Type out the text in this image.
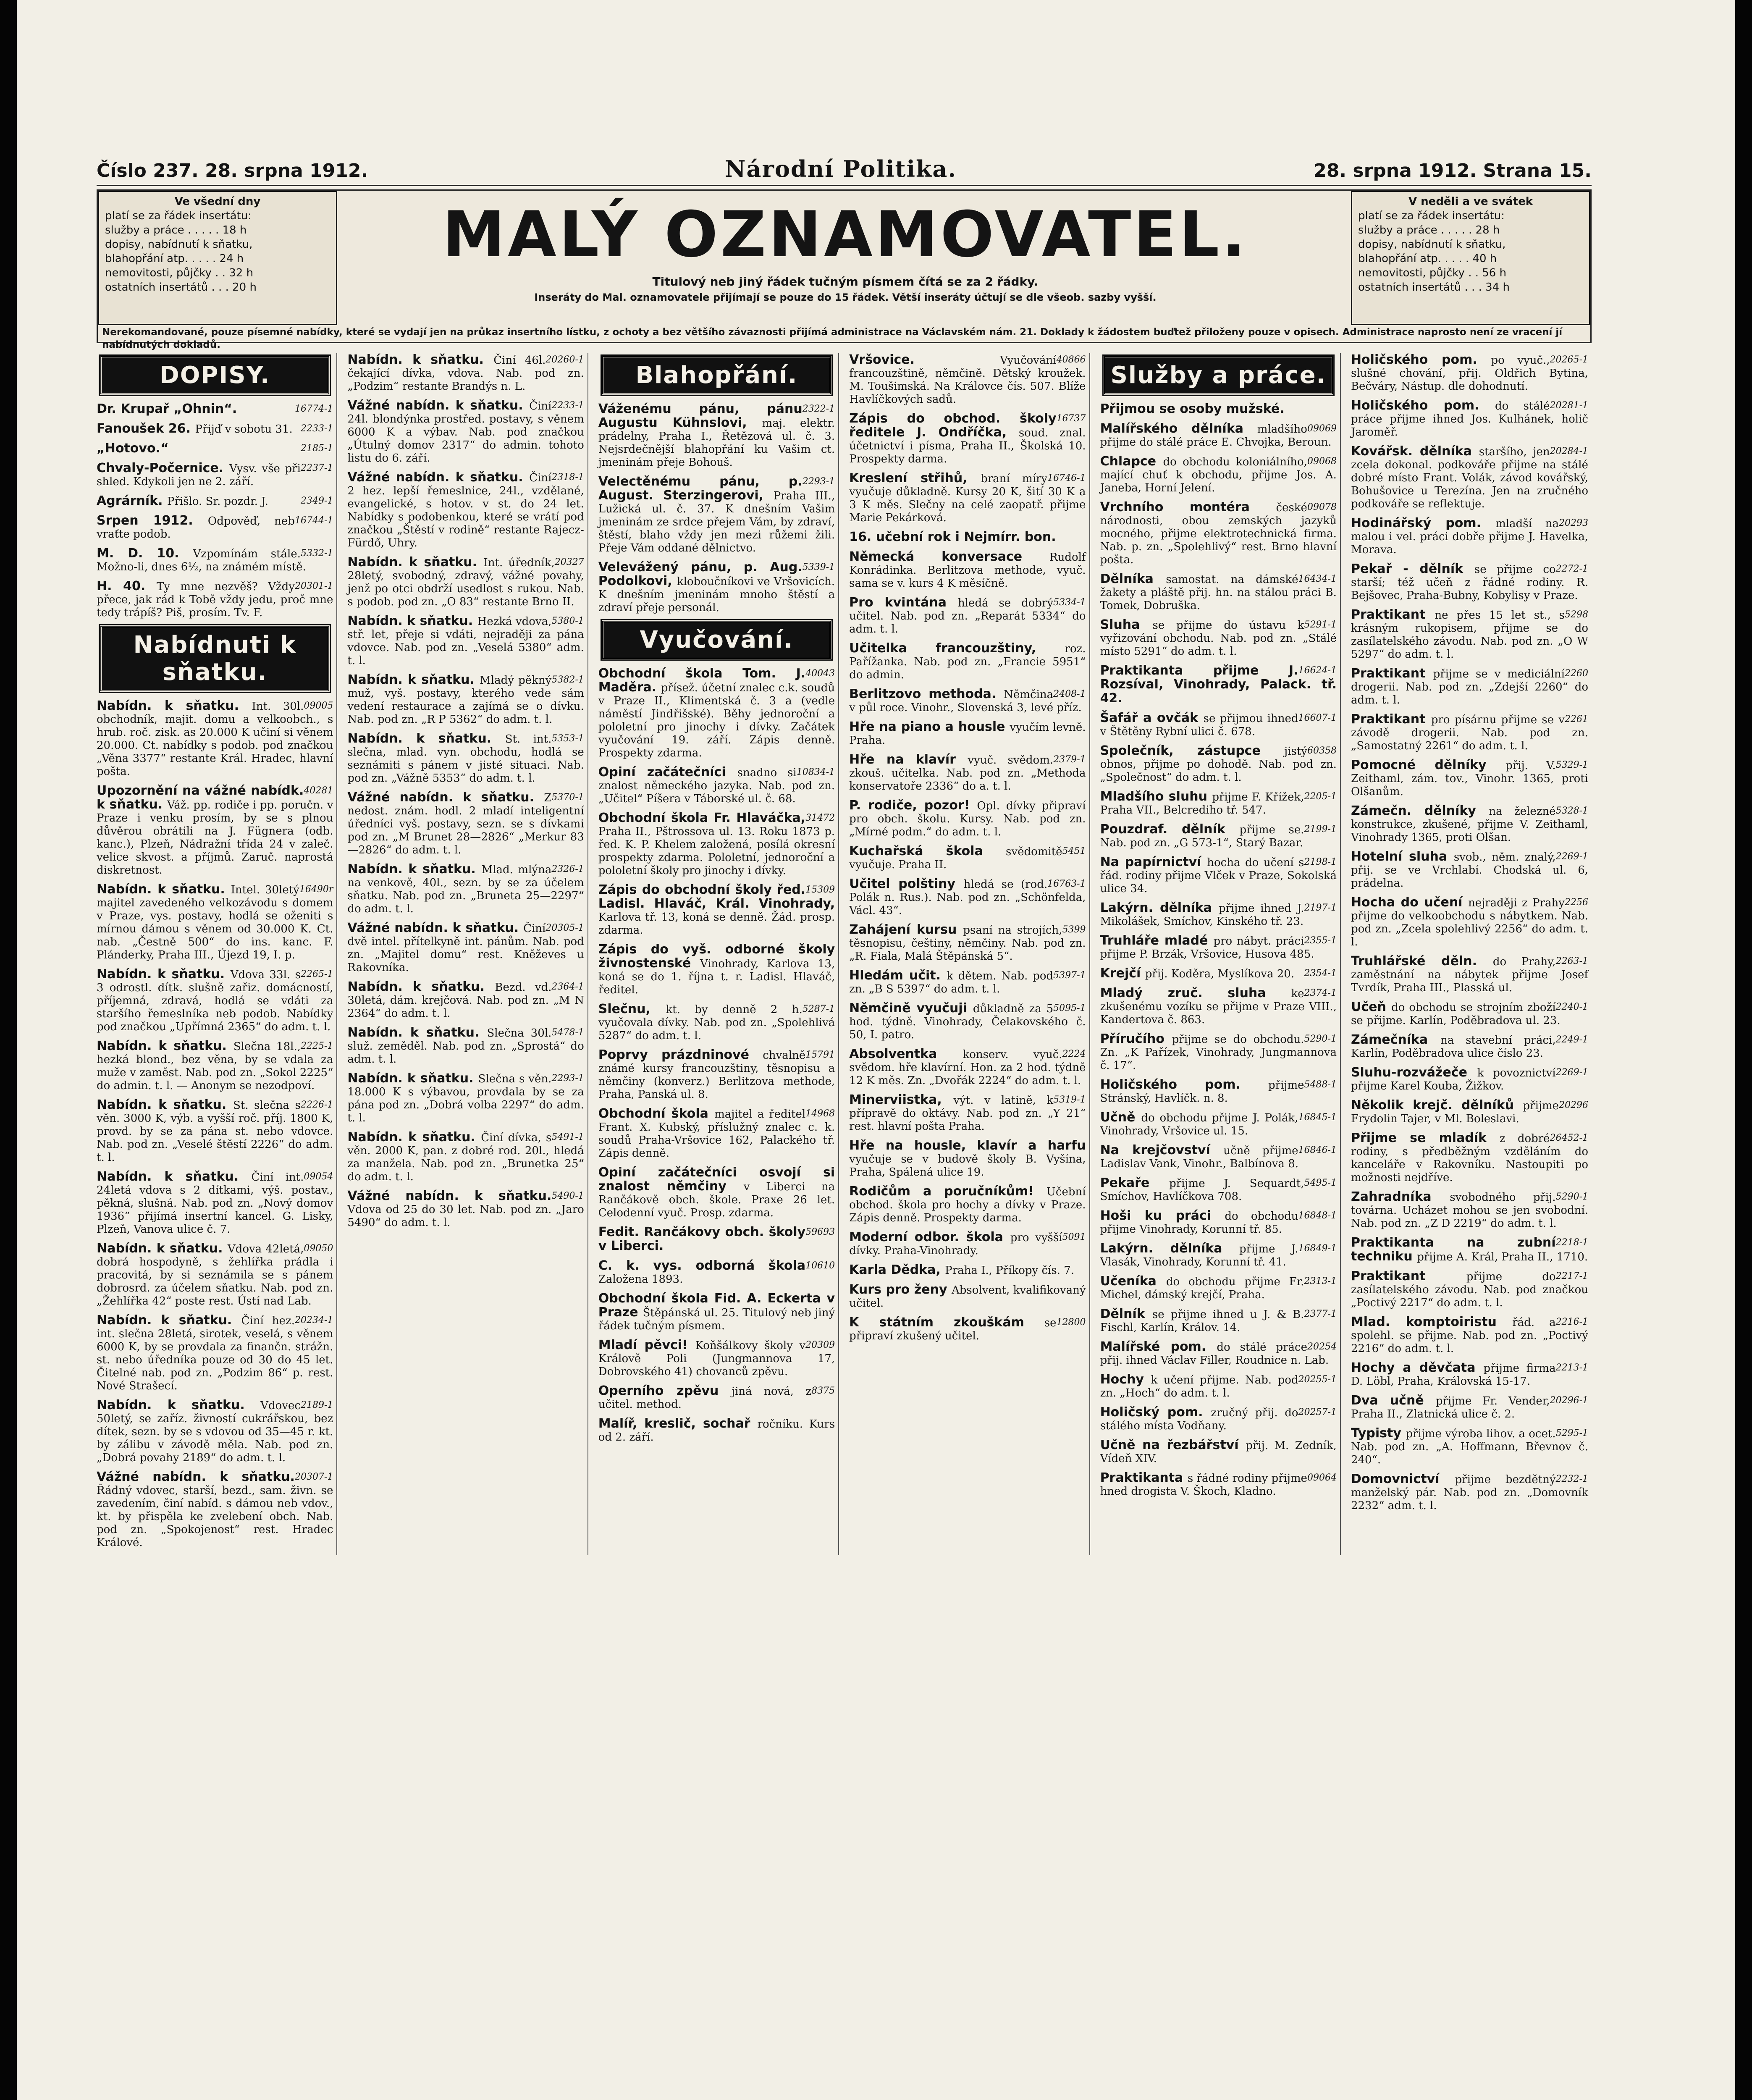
Číslo 237. 28. srpna 1912.	Národní Politika.	28. srpna 1912. Strana 15.
Ve všední dny
platí se za řádek insertátu:
služby a práce . . . . . 18 h
dopisy, nabídnutí k sňatku,
blahopřání atp. . . . . 24 h
nemovitosti, půjčky . . 32 h
ostatních insertátů . . . 20 h
MALÝ OZNAMOVATEL.
Titulový neb jiný řádek tučným písmem čítá se za 2 řádky.
Inseráty do Mal. oznamovatele přijímají se pouze do 15 řádek. Větší inseráty účtují se dle všeob. sazby vyšší.
V neděli a ve svátek
platí se za řádek insertátu:
služby a práce . . . . . 28 h
dopisy, nabídnutí k sňatku,
blahopřání atp. . . . . 40 h
nemovitosti, půjčky . . 56 h
ostatních insertátů . . . 34 h
Nerekomandované, pouze písemné nabídky, které se vydají jen na průkaz insertního lístku, z ochoty a bez většího závaznosti přijímá administrace na Václavském nám. 21. Doklady k žádostem buďtež přiloženy pouze v opisech. Administrace naprosto není ze vracení jí nabídnutých dokladů.
DOPISY.
16774-1
Dr. Krupař „Ohnin“.
2233-1
Fanoušek 26. Přijď v sobotu 31.
2185-1
„Hotovo.“
2237-1
Chvaly-Počernice. Vysv. vše při shled. Kdykoli jen ne 2. září.
2349-1
Agrárník. Přišlo. Sr. pozdr. J.
16744-1
Srpen 1912. Odpověď, neb vraťte podob.
5332-1
M. D. 10. Vzpomínám stále. Možno-li, dnes 6½, na známém místě.
20301-1
H. 40. Ty mne nezvěš? Vždy přece, jak rád k Tobě vždy jedu, proč mne tedy trápíš? Piš, prosím. Tv. F.
Nabídnuti k sňatku.
09005
Nabídn. k sňatku. Int. 30l. obchodník, majit. domu a velkoobch., s hrub. roč. zisk. as 20.000 K učiní si věnem 20.000. Ct. nabídky s podob. pod značkou „Věna 3377“ restante Král. Hradec, hlavní pošta.
40281
Upozornění na vážné nabídk. k sňatku. Váž. pp. rodiče i pp. poručn. v Praze i venku prosím, by se s plnou důvěrou obrátili na J. Fügnera (odb. kanc.), Plzeň, Nádražní třída 24 v zaleč. velice skvost. a příjmů. Zaruč. naprostá diskretnost.
16490r
Nabídn. k sňatku. Intel. 30letý majitel zavedeného velkozávodu s domem v Praze, vys. postavy, hodlá se oženiti s mírnou dámou s věnem od 30.000 K. Ct. nab. „Čestně 500“ do ins. kanc. F. Plánderky, Praha III., Újezd 19, I. p.
2265-1
Nabídn. k sňatku. Vdova 33l. s 3 odrostl. dítk. slušně zařiz. domácností, příjemná, zdravá, hodlá se vdáti za staršího řemeslníka neb podob. Nabídky pod značkou „Upřímná 2365“ do adm. t. l.
2225-1
Nabídn. k sňatku. Slečna 18l., hezká blond., bez věna, by se vdala za muže v zaměst. Nab. pod zn. „Sokol 2225“ do admin. t. l. — Anonym se nezodpoví.
2226-1
Nabídn. k sňatku. St. slečna s věn. 3000 K, výb. a vyšší roč. příj. 1800 K, provd. by se za pána st. nebo vdovce. Nab. pod zn. „Veselé štěstí 2226“ do adm. t. l.
09054
Nabídn. k sňatku. Činí int. 24letá vdova s 2 dítkami, výš. postav., pěkná, slušná. Nab. pod zn. „Nový domov 1936“ přijímá insertní kancel. G. Lisky, Plzeň, Vanova ulice č. 7.
09050
Nabídn. k sňatku. Vdova 42letá, dobrá hospodyně, s žehlířka prádla i pracovitá, by si seznámila se s pánem dobrosrd. za účelem sňatku. Nab. pod zn. „Žehlířka 42“ poste rest. Ústí nad Lab.
20234-1
Nabídn. k sňatku. Činí hez. int. slečna 28letá, sirotek, veselá, s věnem 6000 K, by se provdala za finančn. strážn. st. nebo úředníka pouze od 30 do 45 let. Čitelné nab. pod zn. „Podzim 86“ p. rest. Nové Strašecí.
2189-1
Nabídn. k sňatku. Vdovec 50letý, se zaříz. živností cukrářskou, bez dítek, sezn. by se s vdovou od 35—45 r. kt. by zálibu v závodě měla. Nab. pod zn. „Dobrá povahy 2189“ do adm. t. l.
20307-1
Vážné nabídn. k sňatku. Řádný vdovec, starší, bezd., sam. živn. se zavedením, činí nabíd. s dámou neb vdov., kt. by přispěla ke zvelebení obch. Nab. pod zn. „Spokojenost“ rest. Hradec Králové.
20260-1
Nabídn. k sňatku. Činí 46l. čekající dívka, vdova. Nab. pod zn. „Podzim“ restante Brandýs n. L.
2233-1
Vážné nabídn. k sňatku. Činí 24l. blondýnka prostřed. postavy, s věnem 6000 K a výbav. Nab. pod značkou „Útulný domov 2317“ do admin. tohoto listu do 6. září.
2318-1
Vážné nabídn. k sňatku. Činí 2 hez. lepší řemeslnice, 24l., vzdělané, evangelické, s hotov. v st. do 24 let. Nabídky s podobenkou, které se vrátí pod značkou „Štěstí v rodině“ restante Rajecz-Fürdő, Uhry.
20327
Nabídn. k sňatku. Int. úředník, 28letý, svobodný, zdravý, vážné povahy, jenž po otci obdrží usedlost s rukou. Nab. s podob. pod zn. „O 83“ restante Brno II.
5380-1
Nabídn. k sňatku. Hezká vdova, stř. let, přeje si vdáti, nejraději za pána vdovce. Nab. pod zn. „Veselá 5380“ adm. t. l.
5382-1
Nabídn. k sňatku. Mladý pěkný muž, vyš. postavy, kterého vede sám vedení restaurace a zajímá se o dívku. Nab. pod zn. „R P 5362“ do adm. t. l.
5353-1
Nabídn. k sňatku. St. int. slečna, mlad. vyn. obchodu, hodlá se seznámiti s pánem v jisté situaci. Nab. pod zn. „Vážně 5353“ do adm. t. l.
5370-1
Vážné nabídn. k sňatku. Z nedost. znám. hodl. 2 mladí inteligentní úředníci vyš. postavy, sezn. se s dívkami pod zn. „M Brunet 28—2826“ „Merkur 83—2826“ do adm. t. l.
2326-1
Nabídn. k sňatku. Mlad. mlýna na venkově, 40l., sezn. by se za účelem sňatku. Nab. pod zn. „Bruneta 25—2297“ do adm. t. l.
20305-1
Vážné nabídn. k sňatku. Činí dvě intel. přítelkyně int. pánům. Nab. pod zn. „Majitel domu“ rest. Kněževes u Rakovníka.
2364-1
Nabídn. k sňatku. Bezd. vd. 30letá, dám. krejčová. Nab. pod zn. „M N 2364“ do adm. t. l.
5478-1
Nabídn. k sňatku. Slečna 30l. služ. zeměděl. Nab. pod zn. „Sprostá“ do adm. t. l.
2293-1
Nabídn. k sňatku. Slečna s věn. 18.000 K s výbavou, provdala by se za pána pod zn. „Dobrá volba 2297“ do adm. t. l.
5491-1
Nabídn. k sňatku. Činí dívka, s věn. 2000 K, pan. z dobré rod. 20l., hledá za manžela. Nab. pod zn. „Brunetka 25“ do adm. t. l.
5490-1
Vážné nabídn. k sňatku. Vdova od 25 do 30 let. Nab. pod zn. „Jaro 5490“ do adm. t. l.
Blahopřání.
2322-1
Váženému pánu, pánu Augustu Kühnslovi, maj. elektr. prádelny, Praha I., Řetězová ul. č. 3. Nejsrdečnější blahopřání ku Vašim ct. jmeninám přeje Bohouš.
2293-1
Velectěnému pánu, p. August. Sterzingerovi, Praha III., Lužická ul. č. 37. K dnešním Vašim jmeninám ze srdce přejem Vám, by zdraví, štěstí, blaho vždy jen mezi růžemi žili. Přeje Vám oddané dělnictvo.
5339-1
Velevážený pánu, p. Aug. Podolkovi, kloboučníkovi ve Vršovicích. K dnešním jmeninám mnoho štěstí a zdraví přeje personál.
Vyučování.
40043
Obchodní škola Tom. J. Maděra. přísež. účetní znalec c.k. soudů v Praze II., Klimentská č. 3 a (vedle náměstí Jindřišské). Běhy jednoroční a pololetní pro jinochy i dívky. Začátek vyučování 19. září. Zápis denně. Prospekty zdarma.
10834-1
Opiní začátečníci snadno si znalost německého jazyka. Nab. pod zn. „Učitel“ Píšera v Táborské ul. č. 68.
31472
Obchodní škola Fr. Hlaváčka, Praha II., Pštrossova ul. 13. Roku 1873 p. řed. K. P. Khelem založená, posílá okresní prospekty zdarma. Pololetní, jednoroční a pololetní školy pro jinochy i dívky.
15309
Zápis do obchodní školy řed. Ladisl. Hlaváč, Král. Vinohrady, Karlova tř. 13, koná se denně. Žád. prosp. zdarma.
Zápis do vyš. odborné školy živnostenské Vinohrady, Karlova 13, koná se do 1. října t. r. Ladisl. Hlaváč, ředitel.
5287-1
Slečnu, kt. by denně 2 h. vyučovala dívky. Nab. pod zn. „Spolehlivá 5287“ do adm. t. l.
15791
Poprvy prázdninové chvalně známé kursy francouzštiny, těsnopisu a němčiny (konverz.) Berlitzova methode, Praha, Panská ul. 8.
14968
Obchodní škola majitel a ředitel Frant. X. Kubský, příslužný znalec c. k. soudů Praha-Vršovice 162, Palackého tř. Zápis denně.
Opiní začátečníci osvojí si znalost němčiny v Liberci na Rančákově obch. škole. Praxe 26 let. Celodenní vyuč. Prosp. zdarma.
59693
Fedit. Rančákovy obch. školy v Liberci.
10610
C. k. vys. odborná škola Založena 1893.
Obchodní škola Fid. A. Eckerta v Praze Štěpánská ul. 25. Titulový neb jiný řádek tučným písmem.
20309
Mladí pěvci! Koňšálkovy školy v Králově Poli (Jungmannova 17, Dobrovského 41) chovanců zpěvu.
8375
Operního zpěvu jiná nová, z učitel. method.
Malíř, kreslič, sochař ročníku. Kurs od 2. září.
40866
Vršovice. Vyučování francouzštině, němčině. Dětský kroužek. M. Toušimská. Na Královce čís. 507. Blíže Havlíčkových sadů.
16737
Zápis do obchod. školy ředitele J. Ondříčka, soud. znal. účetnictví i písma, Praha II., Školská 10. Prospekty darma.
16746-1
Kreslení střihů, braní míry vyučuje důkladně. Kursy 20 K, šití 30 K a 3 K měs. Slečny na celé zaopatř. přijme Marie Pekárková.
16. učební rok i Nejmírr. bon.
Německá konversace Rudolf Konrádinka. Berlitzova methode, vyuč. sama se v. kurs 4 K měsíčně.
5334-1
Pro kvintána hledá se dobrý učitel. Nab. pod zn. „Reparát 5334“ do adm. t. l.
Učitelka francouzštiny, roz. Pařížanka. Nab. pod zn. „Francie 5951“ do admin.
2408-1
Berlitzovo methoda. Němčina v půl roce. Vinohr., Slovenská 3, levé příz.
Hře na piano a housle vyučím levně. Praha.
2379-1
Hře na klavír vyuč. svědom. zkouš. učitelka. Nab. pod zn. „Methoda konservatoře 2336“ do a. t. l.
P. rodiče, pozor! Opl. dívky připraví pro obch. školu. Kursy. Nab. pod zn. „Mírné podm.“ do adm. t. l.
5451
Kuchařská škola svědomitě vyučuje. Praha II.
16763-1
Učitel polštiny hledá se (rod. Polák n. Rus.). Nab. pod zn. „Schönfelda, Václ. 43“.
5399
Zahájení kursu psaní na strojích, těsnopisu, češtiny, němčiny. Nab. pod zn. „R. Fiala, Malá Štěpánská 5“.
5397-1
Hledám učit. k dětem. Nab. pod zn. „B S 5397“ do adm. t. l.
5095-1
Němčině vyučuji důkladně za 5 hod. týdně. Vinohrady, Čelakovského č. 50, I. patro.
2224
Absolventka konserv. vyuč. svědom. hře klavírní. Hon. za 2 hod. týdně 12 K měs. Zn. „Dvořák 2224“ do adm. t. l.
5319-1
Minerviistka, výt. v latině, k přípravě do oktávy. Nab. pod zn. „Y 21“ rest. hlavní pošta Praha.
Hře na housle, klavír a harfu vyučuje se v budově školy B. Vyšína, Praha, Spálená ulice 19.
Rodičům a poručníkům! Učební obchod. škola pro hochy a dívky v Praze. Zápis denně. Prospekty darma.
5091
Moderní odbor. škola pro vyšší dívky. Praha-Vinohrady.
Karla Dědka, Praha I., Příkopy čís. 7.
Kurs pro ženy Absolvent, kvalifikovaný učitel.
12800
K státním zkouškám se připraví zkušený učitel.
Služby a práce.
Přijmou se osoby mužské.
09069
Malířského dělníka mladšího přijme do stálé práce E. Chvojka, Beroun.
09068
Chlapce do obchodu koloniálního, mající chuť k obchodu, přijme Jos. A. Janeba, Horní Jelení.
09078
Vrchního montéra české národnosti, obou zemských jazyků mocného, přijme elektrotechnická firma. Nab. p. zn. „Spolehlivý“ rest. Brno hlavní pošta.
16434-1
Dělníka samostat. na dámské žakety a pláště přij. hn. na stálou práci B. Tomek, Dobruška.
5291-1
Sluha se přijme do ústavu k vyřizování obchodu. Nab. pod zn. „Stálé místo 5291“ do adm. t. l.
16624-1
Praktikanta přijme J. Rozsíval, Vinohrady, Palack. tř. 42.
16607-1
Šafář a ovčák se přijmou ihned v Štětěny Rybní ulici č. 678.
60358
Společník, zástupce jistý obnos, přijme po dohodě. Nab. pod zn. „Společnost“ do adm. t. l.
2205-1
Mladšího sluhu přijme F. Křížek, Praha VII., Belcrediho tř. 547.
2199-1
Pouzdraf. dělník přijme se. Nab. pod zn. „G 573-1“, Starý Bazar.
2198-1
Na papírnictví hocha do učení s řád. rodiny přijme Vlček v Praze, Sokolská ulice 34.
2197-1
Lakýrn. dělníka přijme ihned J. Mikolášek, Smíchov, Kinského tř. 23.
2355-1
Truhláře mladé pro nábyt. práci přijme P. Brzák, Vršovice, Husova 485.
2354-1
Krejčí přij. Koděra, Myslíkova 20.
2374-1
Mladý zruč. sluha ke zkušenému vozíku se přijme v Praze VIII., Kandertova č. 863.
5290-1
Příručího přijme se do obchodu. Zn. „K Pařízek, Vinohrady, Jungmannova č. 17“.
5488-1
Holičského pom. přijme Stránský, Havlíčk. n. 8.
16845-1
Učně do obchodu přijme J. Polák, Vinohrady, Vršovice ul. 15.
16846-1
Na krejčovství učně přijme Ladislav Vank, Vinohr., Balbínova 8.
5495-1
Pekaře přijme J. Sequardt, Smíchov, Havlíčkova 708.
16848-1
Hoši ku práci do obchodu přijme Vinohrady, Korunní tř. 85.
16849-1
Lakýrn. dělníka přijme J. Vlasák, Vinohrady, Korunní tř. 41.
2313-1
Učeníka do obchodu přijme Fr. Michel, dámský krejčí, Praha.
2377-1
Dělník se přijme ihned u J. & B. Fischl, Karlín, Králov. 14.
20254
Malířské pom. do stálé práce přij. ihned Václav Filler, Roudnice n. Lab.
20255-1
Hochy k učení přijme. Nab. pod zn. „Hoch“ do adm. t. l.
20257-1
Holičský pom. zručný přij. do stálého místa Vodňany.
Učně na řezbářství přij. M. Zedník, Vídeň XIV.
09064
Praktikanta s řádné rodiny přijme hned drogista V. Škoch, Kladno.
20265-1
Holičského pom. po vyuč., slušné chování, přij. Oldřich Bytina, Bečváry, Nástup. dle dohodnutí.
20281-1
Holičského pom. do stálé práce přijme ihned Jos. Kulhánek, holič Jaroměř.
20284-1
Kovářsk. dělníka staršího, jen zcela dokonal. podkováře přijme na stálé dobré místo Frant. Volák, závod kovářský, Bohušovice u Terezína. Jen na zručného podkováře se reflektuje.
20293
Hodinářský pom. mladší na malou i vel. práci dobře přijme J. Havelka, Morava.
2272-1
Pekař - dělník se přijme co starší; též učeň z řádné rodiny. R. Bejšovec, Praha-Bubny, Kobylisy v Praze.
5298
Praktikant ne přes 15 let st., s krásným rukopisem, přijme se do zasílatelského závodu. Nab. pod zn. „O W 5297“ do adm. t. l.
2260
Praktikant přijme se v mediciální drogerii. Nab. pod zn. „Zdejší 2260“ do adm. t. l.
2261
Praktikant pro písárnu přijme se v závodě drogerii. Nab. pod zn. „Samostatný 2261“ do adm. t. l.
5329-1
Pomocné dělníky přij. V. Zeithaml, zám. tov., Vinohr. 1365, proti Olšanům.
5328-1
Zámečn. dělníky na železné konstrukce, zkušené, přijme V. Zeithaml, Vinohrady 1365, proti Olšan.
2269-1
Hotelní sluha svob., něm. znalý, přij. se ve Vrchlabí. Chodská ul. 6, prádelna.
2256
Hocha do učení nejraději z Prahy přijme do velkoobchodu s nábytkem. Nab. pod zn. „Zcela spolehlivý 2256“ do adm. t. l.
2263-1
Truhlářské děln. do Prahy, zaměstnání na nábytek přijme Josef Tvrdík, Praha III., Plasská ul.
2240-1
Učeň do obchodu se strojním zboží se přijme. Karlín, Poděbradova ul. 23.
2249-1
Zámečníka na stavební práci, Karlín, Poděbradova ulice číslo 23.
2269-1
Sluhu-rozvážeče k povoznictví přijme Karel Kouba, Žižkov.
20296
Několik krejč. dělníků přijme Frydolin Tajer, v Ml. Boleslavi.
26452-1
Přijme se mladík z dobré rodiny, s předběžným vzděláním do kanceláře v Rakovníku. Nastoupiti po možnosti nejdříve.
5290-1
Zahradníka svobodného přij. továrna. Ucházet mohou se jen svobodní. Nab. pod zn. „Z D 2219“ do adm. t. l.
2218-1
Praktikanta na zubní techniku přijme A. Král, Praha II., 1710.
2217-1
Praktikant přijme do zasílatelského závodu. Nab. pod značkou „Poctivý 2217“ do adm. t. l.
2216-1
Mlad. komptoiristu řád. a spolehl. se přijme. Nab. pod zn. „Poctivý 2216“ do adm. t. l.
2213-1
Hochy a děvčata přijme firma D. Löbl, Praha, Královská 15-17.
20296-1
Dva učně přijme Fr. Vender, Praha II., Zlatnická ulice č. 2.
5295-1
Typisty přijme výroba lihov. a ocet. Nab. pod zn. „A. Hoffmann, Břevnov č. 240“.
2232-1
Domovnictví přijme bezdětný manželský pár. Nab. pod zn. „Domovník 2232“ adm. t. l.
